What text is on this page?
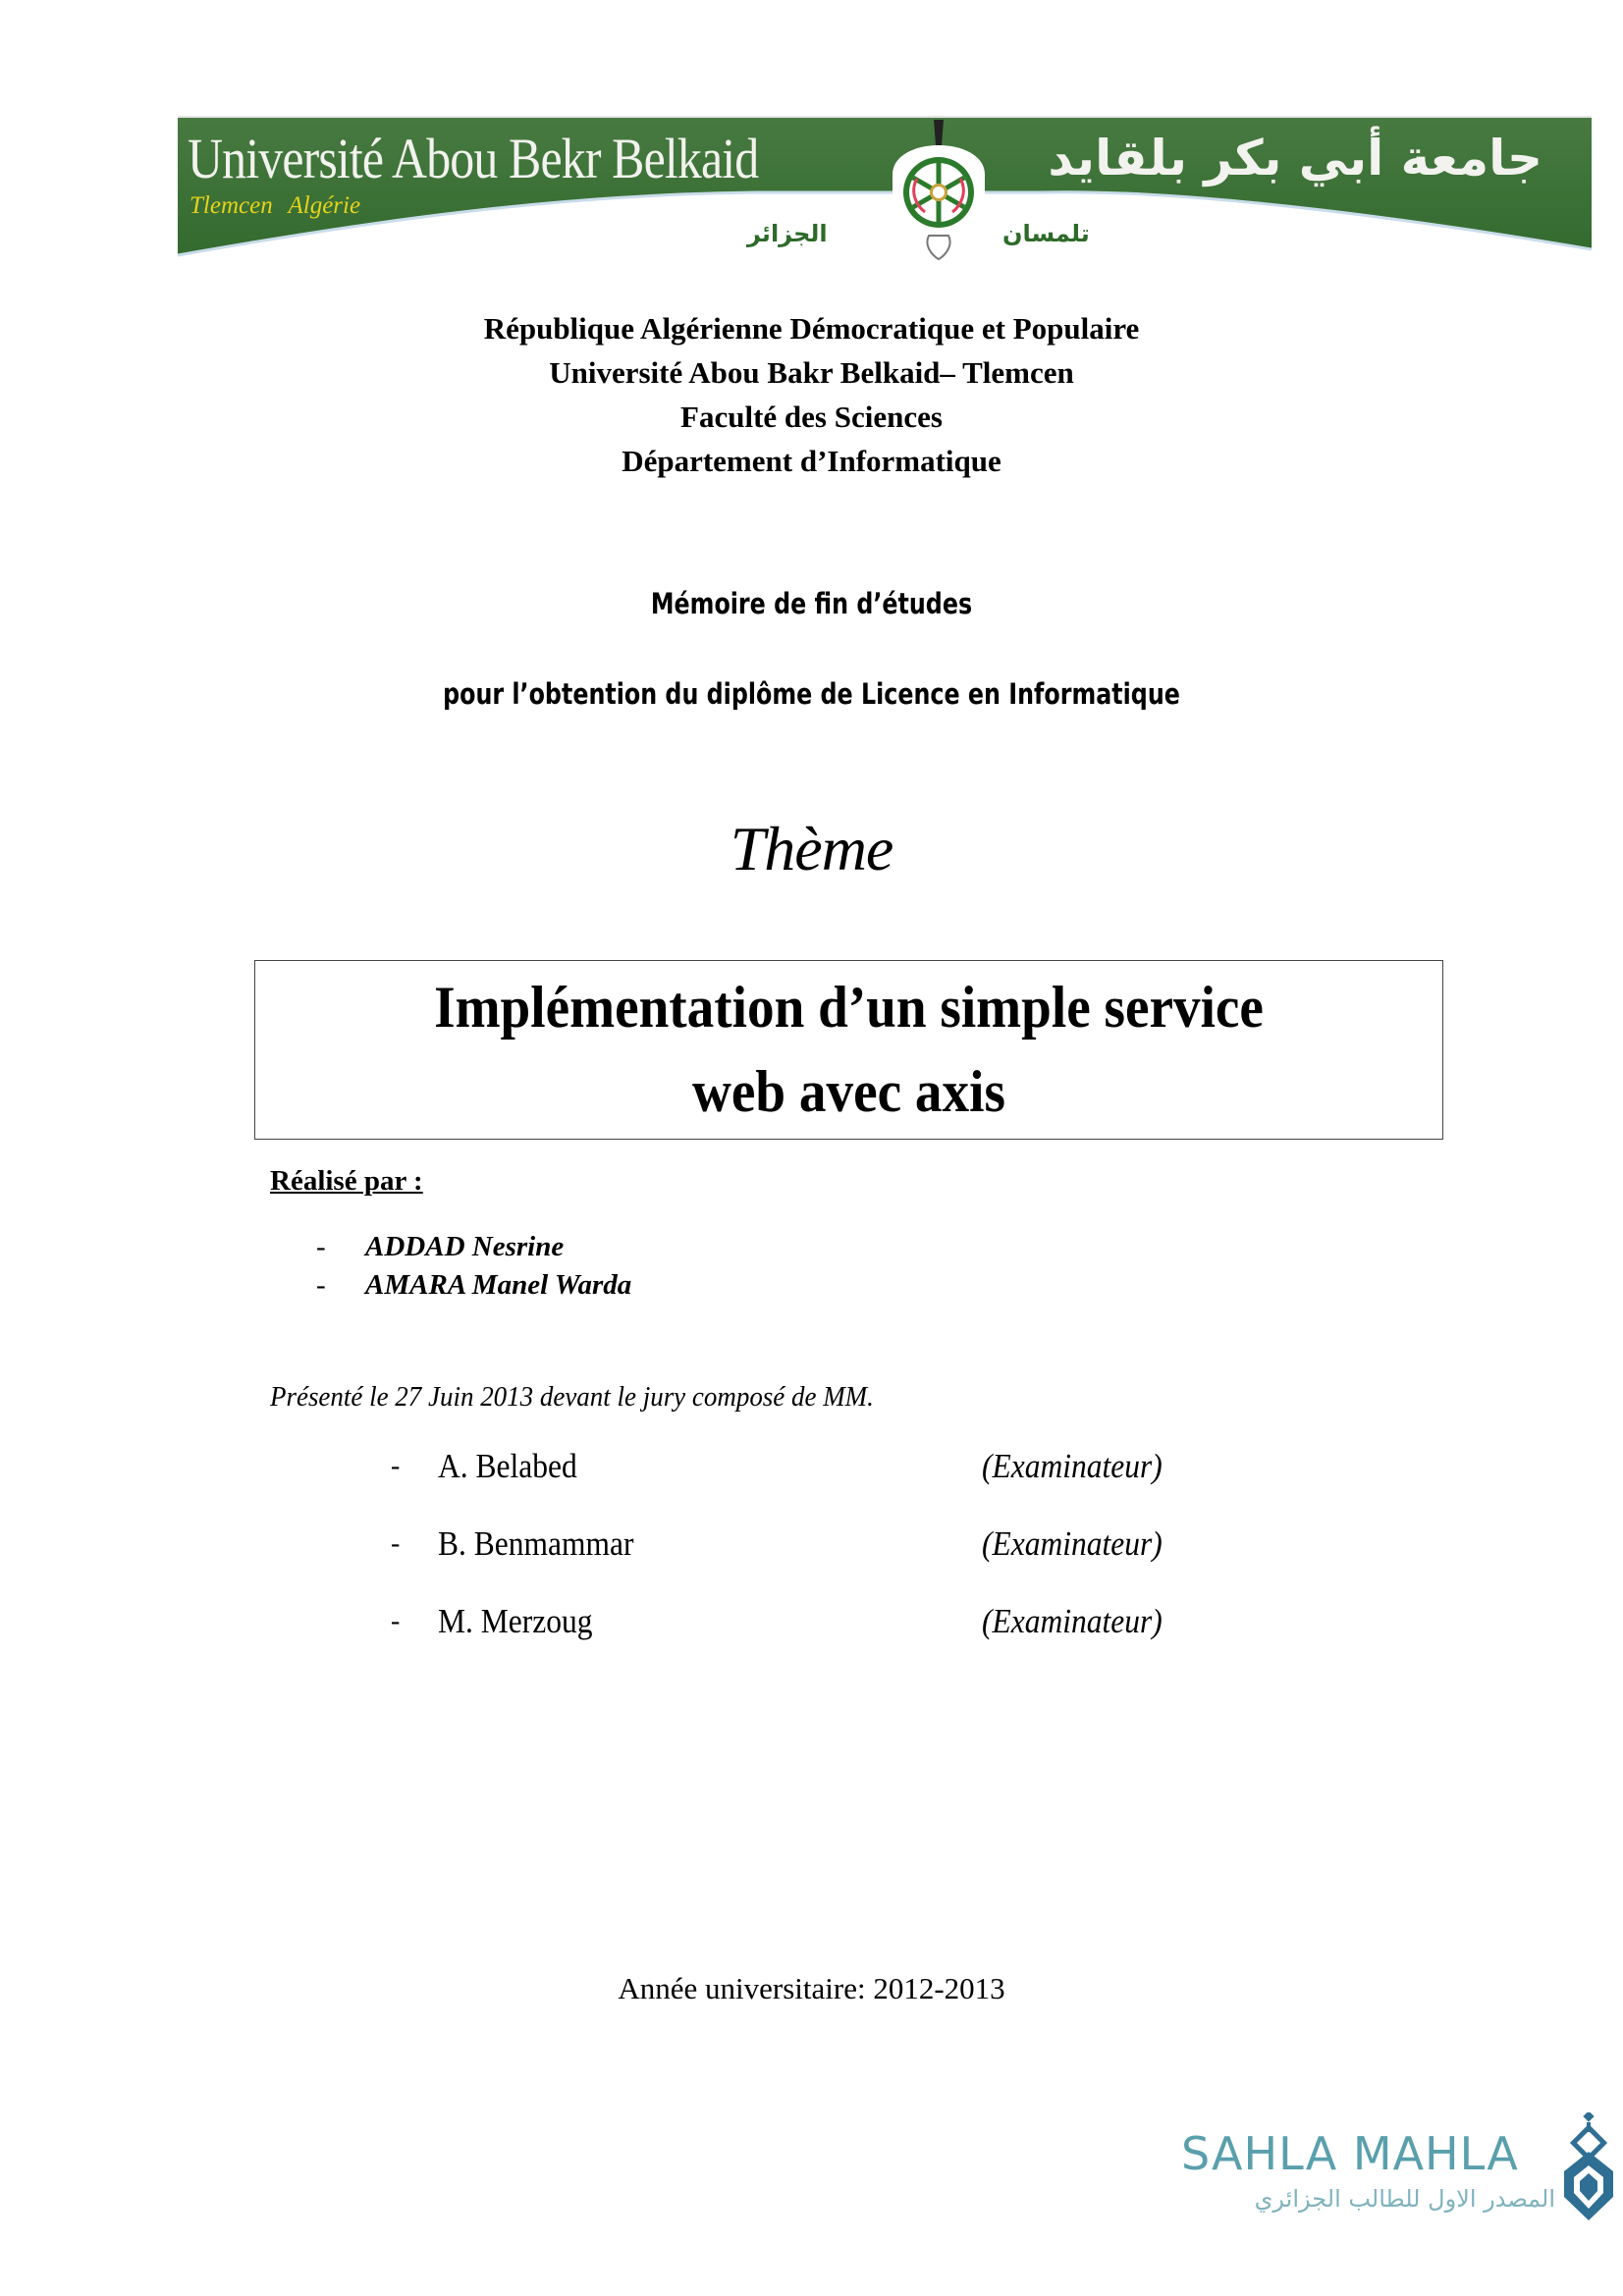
Université Abou Bekr Belkaid
Tlemcen Algérie
جامعة أبي بكر بلقايد
الجزائر	تلمسان
République Algérienne Démocratique et Populaire
Université Abou Bakr Belkaid– Tlemcen
Faculté des Sciences
Département d’Informatique
Mémoire de fin d’études
pour l’obtention du diplôme de Licence en Informatique
Thème
Implémentation d’un simple service
web avec axis
Réalisé par :
- ADDAD Nesrine
- AMARA Manel Warda
Présenté le 27 Juin 2013 devant le jury composé de MM.
- A. Belabed	(Examinateur)
- B. Benmammar	(Examinateur)
- M. Merzoug	(Examinateur)
Année universitaire: 2012-2013
SAHLA MAHLA
المصدر الاول للطالب الجزائري
